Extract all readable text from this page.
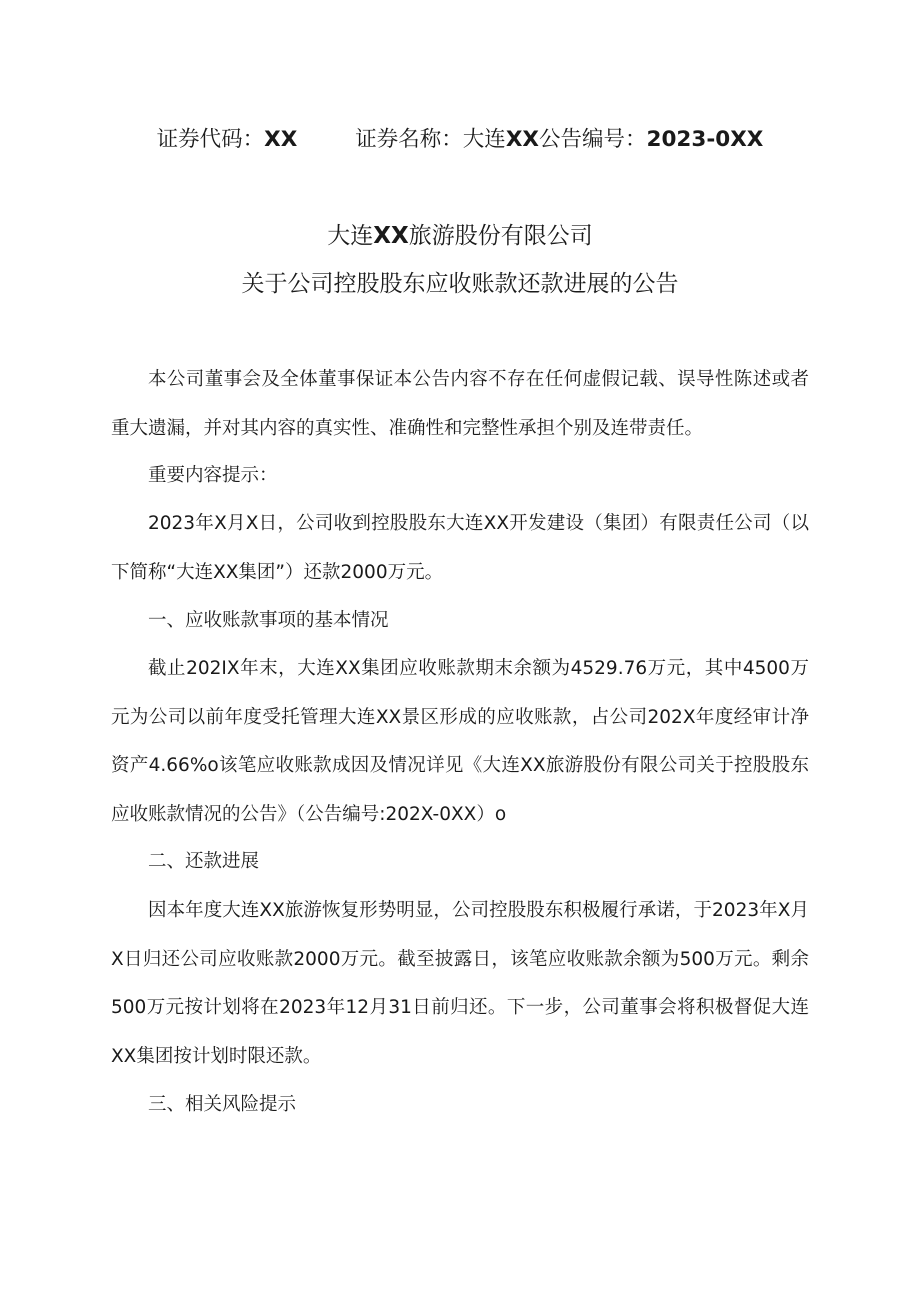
证券代码：XX	证券名称：大连XX公告编号：2023-0XX
大连XX旅游股份有限公司
关于公司控股股东应收账款还款进展的公告

本公司董事会及全体董事保证本公告内容不存在任何虚假记载、误导性陈述或者重大遗漏，并对其内容的真实性、准确性和完整性承担个别及连带责任。

重要内容提示：

2023年X月X日，公司收到控股股东大连XX开发建设（集团）有限责任公司（以下简称“大连XX集团”）还款2000万元。

一、应收账款事项的基本情况

截止202IX年末，大连XX集团应收账款期末余额为4529.76万元，其中4500万元为公司以前年度受托管理大连XX景区形成的应收账款，占公司202X年度经审计净资产4.66%o该笔应收账款成因及情况详见《大连XX旅游股份有限公司关于控股股东应收账款情况的公告》（公告编号:202X-0XX）o

二、还款进展

因本年度大连XX旅游恢复形势明显，公司控股股东积极履行承诺，于2023年X月X日归还公司应收账款2000万元。截至披露日，该笔应收账款余额为500万元。剩余500万元按计划将在2023年12月31日前归还。下一步，公司董事会将积极督促大连XX集团按计划时限还款。

三、相关风险提示
